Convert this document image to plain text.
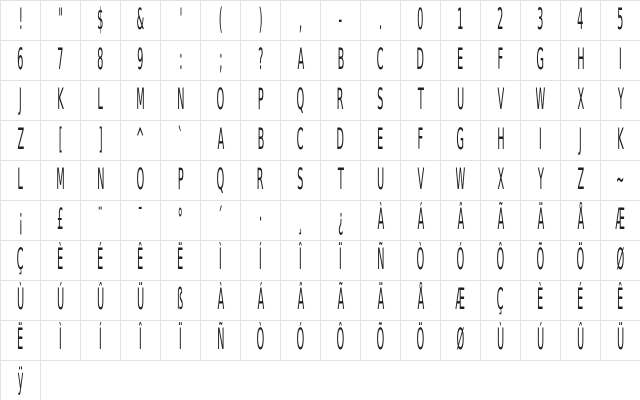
! " $ & ' ( ) , - . 0 1 2 3 4 5
6 7 8 9 : ; ? A B C D E F G H I
J K L M N O P Q R S T U V W X Y
Z [ ] ^ ` A B C D E F G H I J K
L M N O P Q R S T U V W X Y Z ~
¡ £ ¨ ¯ ° ´ · ¸ ¿ À Á Â Ã Ä Å Æ
Ç È É Ê Ë Ì Í Î Ï Ñ Ò Ó Ô Õ Ö Ø
Ù Ú Û Ü ß À Á Â Ã Ä Å Æ Ç È É Ê
Ë Ì Í Î Ï Ñ Ò Ó Ô Õ Ö Ø Ù Ú Û Ü
ÿ
